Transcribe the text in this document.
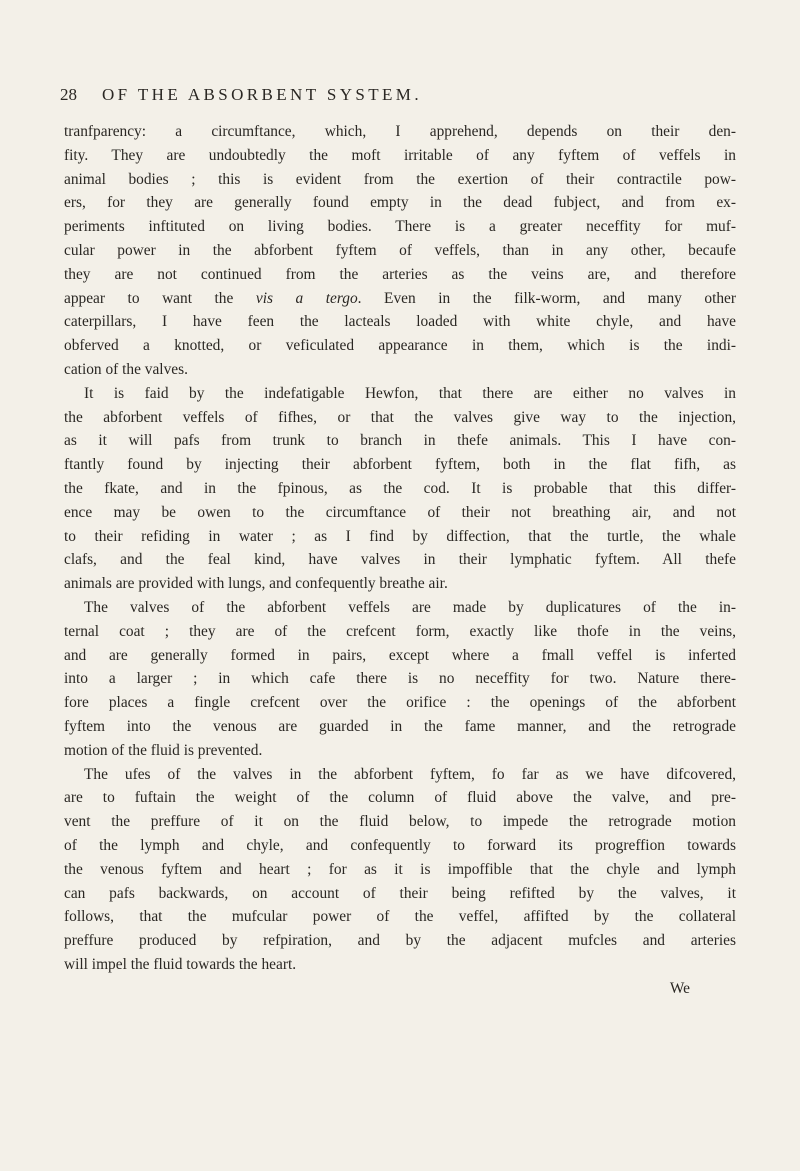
28 OF THE ABSORBENT SYSTEM.
tranfparency: a circumftance, which, I apprehend, depends on their den-
fity. They are undoubtedly the moft irritable of any fyftem of veffels in
animal bodies ; this is evident from the exertion of their contractile pow-
ers, for they are generally found empty in the dead fubject, and from ex-
periments inftituted on living bodies. There is a greater neceffity for muf-
cular power in the abforbent fyftem of veffels, than in any other, becaufe
they are not continued from the arteries as the veins are, and therefore
appear to want the vis a tergo. Even in the filk-worm, and many other
caterpillars, I have feen the lacteals loaded with white chyle, and have
obferved a knotted, or veficulated appearance in them, which is the indi-
cation of the valves.
It is faid by the indefatigable Hewfon, that there are either no valves in
the abforbent veffels of fifhes, or that the valves give way to the injection,
as it will pafs from trunk to branch in thefe animals. This I have con-
ftantly found by injecting their abforbent fyftem, both in the flat fifh, as
the fkate, and in the fpinous, as the cod. It is probable that this differ-
ence may be owen to the circumftance of their not breathing air, and not
to their refiding in water ; as I find by diffection, that the turtle, the whale
clafs, and the feal kind, have valves in their lymphatic fyftem. All thefe
animals are provided with lungs, and confequently breathe air.
The valves of the abforbent veffels are made by duplicatures of the in-
ternal coat ; they are of the crefcent form, exactly like thofe in the veins,
and are generally formed in pairs, except where a fmall veffel is inferted
into a larger ; in which cafe there is no neceffity for two. Nature there-
fore places a fingle crefcent over the orifice : the openings of the abforbent
fyftem into the venous are guarded in the fame manner, and the retrograde
motion of the fluid is prevented.
The ufes of the valves in the abforbent fyftem, fo far as we have difcovered,
are to fuftain the weight of the column of fluid above the valve, and pre-
vent the preffure of it on the fluid below, to impede the retrograde motion
of the lymph and chyle, and confequently to forward its progreffion towards
the venous fyftem and heart ; for as it is impoffible that the chyle and lymph
can pafs backwards, on account of their being refifted by the valves, it
follows, that the mufcular power of the veffel, affifted by the collateral
preffure produced by refpiration, and by the adjacent mufcles and arteries
will impel the fluid towards the heart.
We
